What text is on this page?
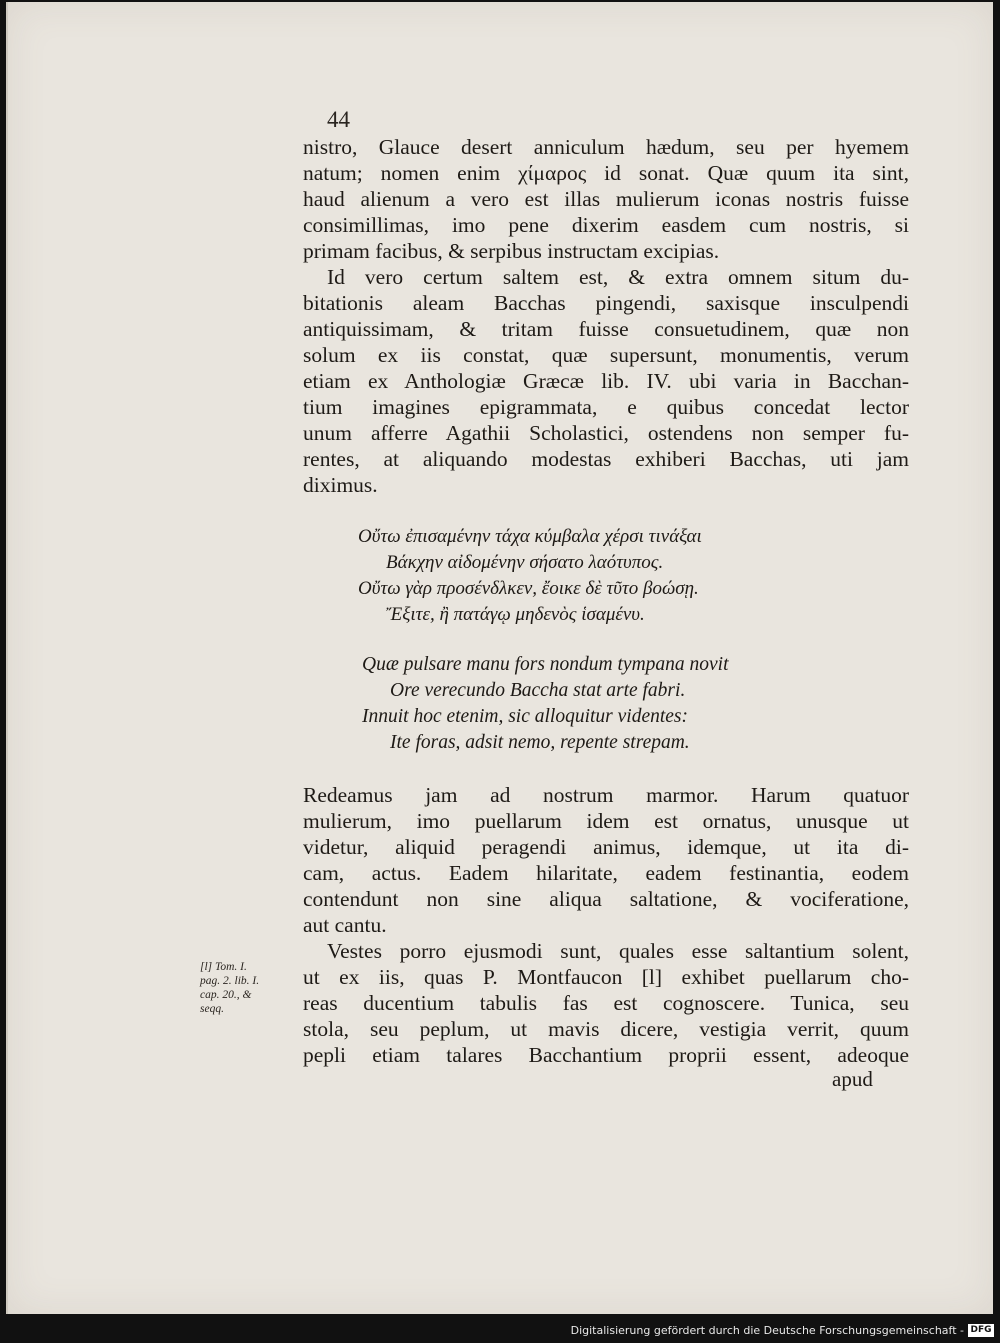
44
nistro, Glauce desert anniculum hædum, seu per hyemem
natum; nomen enim χίμαρος id sonat. Quæ quum ita sint,
haud alienum a vero est illas mulierum iconas nostris fuisse
consimillimas, imo pene dixerim easdem cum nostris, si
primam facibus, & serpibus instructam excipias.
Id vero certum saltem est, & extra omnem situm du-
bitationis aleam Bacchas pingendi, saxisque insculpendi
antiquissimam, & tritam fuisse consuetudinem, quæ non
solum ex iis constat, quæ supersunt, monumentis, verum
etiam ex Anthologiæ Græcæ lib. IV. ubi varia in Bacchan-
tium imagines epigrammata, e quibus concedat lector
unum afferre Agathii Scholastici, ostendens non semper fu-
rentes, at aliquando modestas exhiberi Bacchas, uti jam
diximus.
Οὔτω ἐπισαμένην τάχα κύμβαλα χέρσι τινάξαι
Βάκχην αἰδομένην σήσατο λαότυπος.
Οὔτω γὰρ προσένδλκεν, ἔοικε δὲ τῦτο βοώσῃ.
Ἔξιτε, ἢ πατάγῳ μηδενὸς ἱσαμένυ.
Quæ pulsare manu fors nondum tympana novit
Ore verecundo Baccha stat arte fabri.
Innuit hoc etenim, sic alloquitur videntes:
Ite foras, adsit nemo, repente strepam.
Redeamus jam ad nostrum marmor. Harum quatuor
mulierum, imo puellarum idem est ornatus, unusque ut
videtur, aliquid peragendi animus, idemque, ut ita di-
cam, actus. Eadem hilaritate, eadem festinantia, eodem
contendunt non sine aliqua saltatione, & vociferatione,
aut cantu.
Vestes porro ejusmodi sunt, quales esse saltantium solent,
ut ex iis, quas P. Montfaucon [l] exhibet puellarum cho-
reas ducentium tabulis fas est cognoscere. Tunica, seu
stola, seu peplum, ut mavis dicere, vestigia verrit, quum
pepli etiam talares Bacchantium proprii essent, adeoque
apud
[l] Tom. I.
pag. 2. lib. I.
cap. 20., &
seqq.
Digitalisierung gefördert durch die Deutsche Forschungsgemeinschaft - DFG
